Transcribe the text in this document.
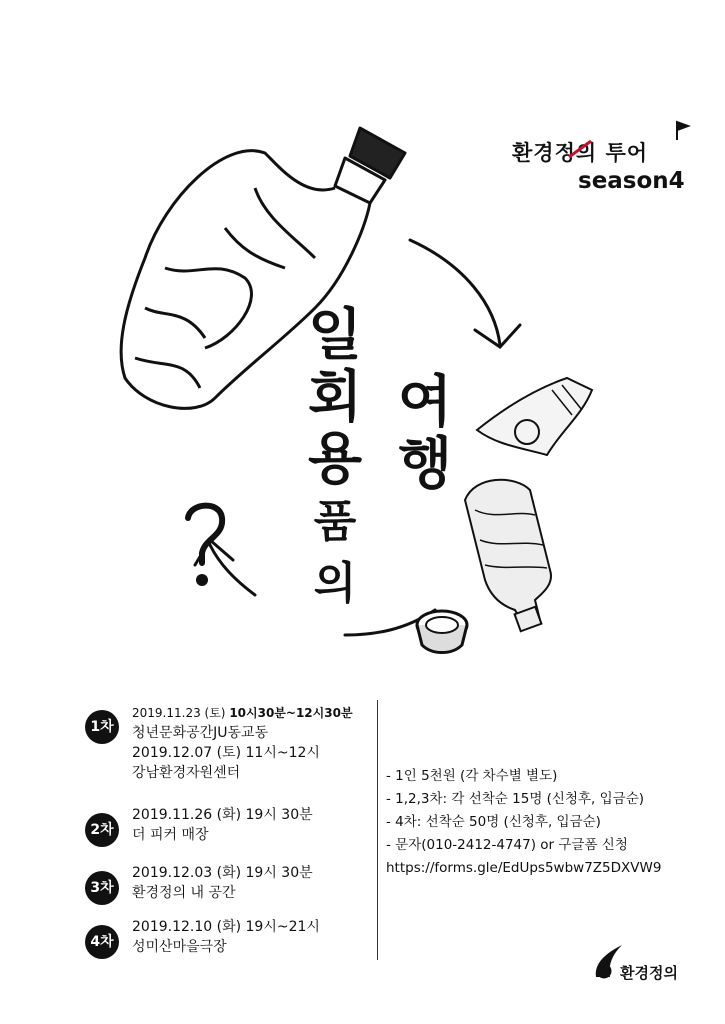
환경정의 투어
season4
일
회
용
품
의
여
행
1차
2019.11.23 (토) 10시30분~12시30분
청년문화공간JU동교동
2019.12.07 (토) 11시~12시
강남환경자원센터
2차
2019.11.26 (화) 19시 30분
더 피커 매장
3차
2019.12.03 (화) 19시 30분
환경정의 내 공간
4차
2019.12.10 (화) 19시~21시
성미산마을극장
- 1인 5천원 (각 차수별 별도)
- 1,2,3차: 각 선착순 15명 (신청후, 입금순)
- 4차: 선착순 50명 (신청후, 입금순)
- 문자(010-2412-4747) or 구글폼 신청
https://forms.gle/EdUps5wbw7Z5DXVW9
환경정의
